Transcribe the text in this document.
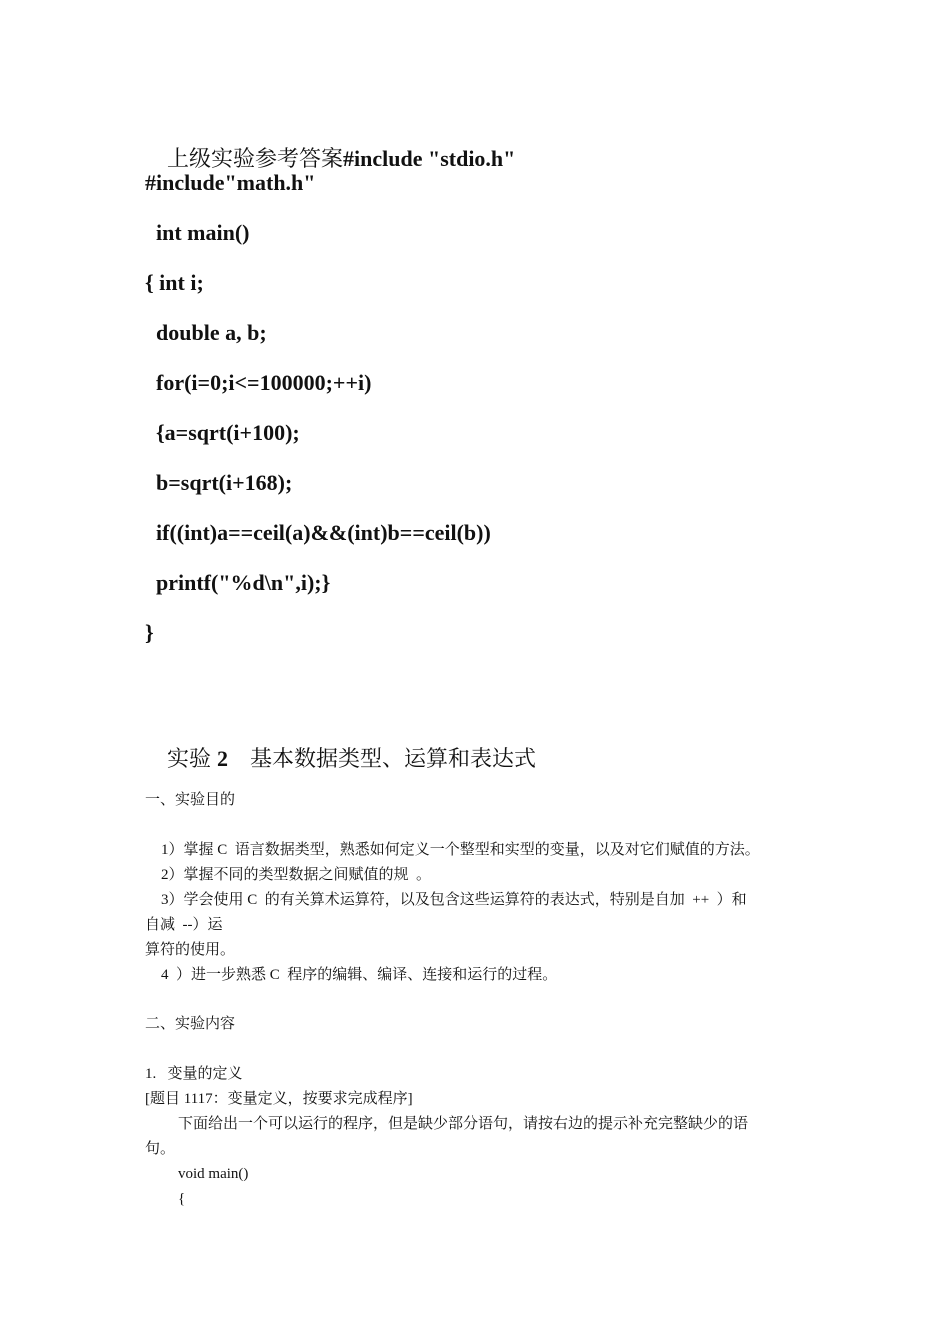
上级实验参考答案#include "stdio.h"

#include"math.h"
int main()
{ int i;
double a, b;
for(i=0;i<=100000;++i)
{a=sqrt(i+100);
b=sqrt(i+168);
if((int)a==ceil(a)&&(int)b==ceil(b))
printf("%d\n",i);}
}

实验 2 基本数据类型、运算和表达式

一、实验目的
1）掌握 C  语言数据类型，熟悉如何定义一个整型和实型的变量，以及对它们赋值的方法。
2）掌握不同的类型数据之间赋值的规  。
3）学会使用 C  的有关算术运算符，以及包含这些运算符的表达式，特别是自加  ++  ）和
自减  --）运
算符的使用。
4  ）进一步熟悉 C  程序的编辑、编译、连接和运行的过程。
二、实验内容
1.   变量的定义
[题目 1117：变量定义，按要求完成程序]
下面给出一个可以运行的程序，但是缺少部分语句，请按右边的提示补充完整缺少的语
句。
void main()
{
